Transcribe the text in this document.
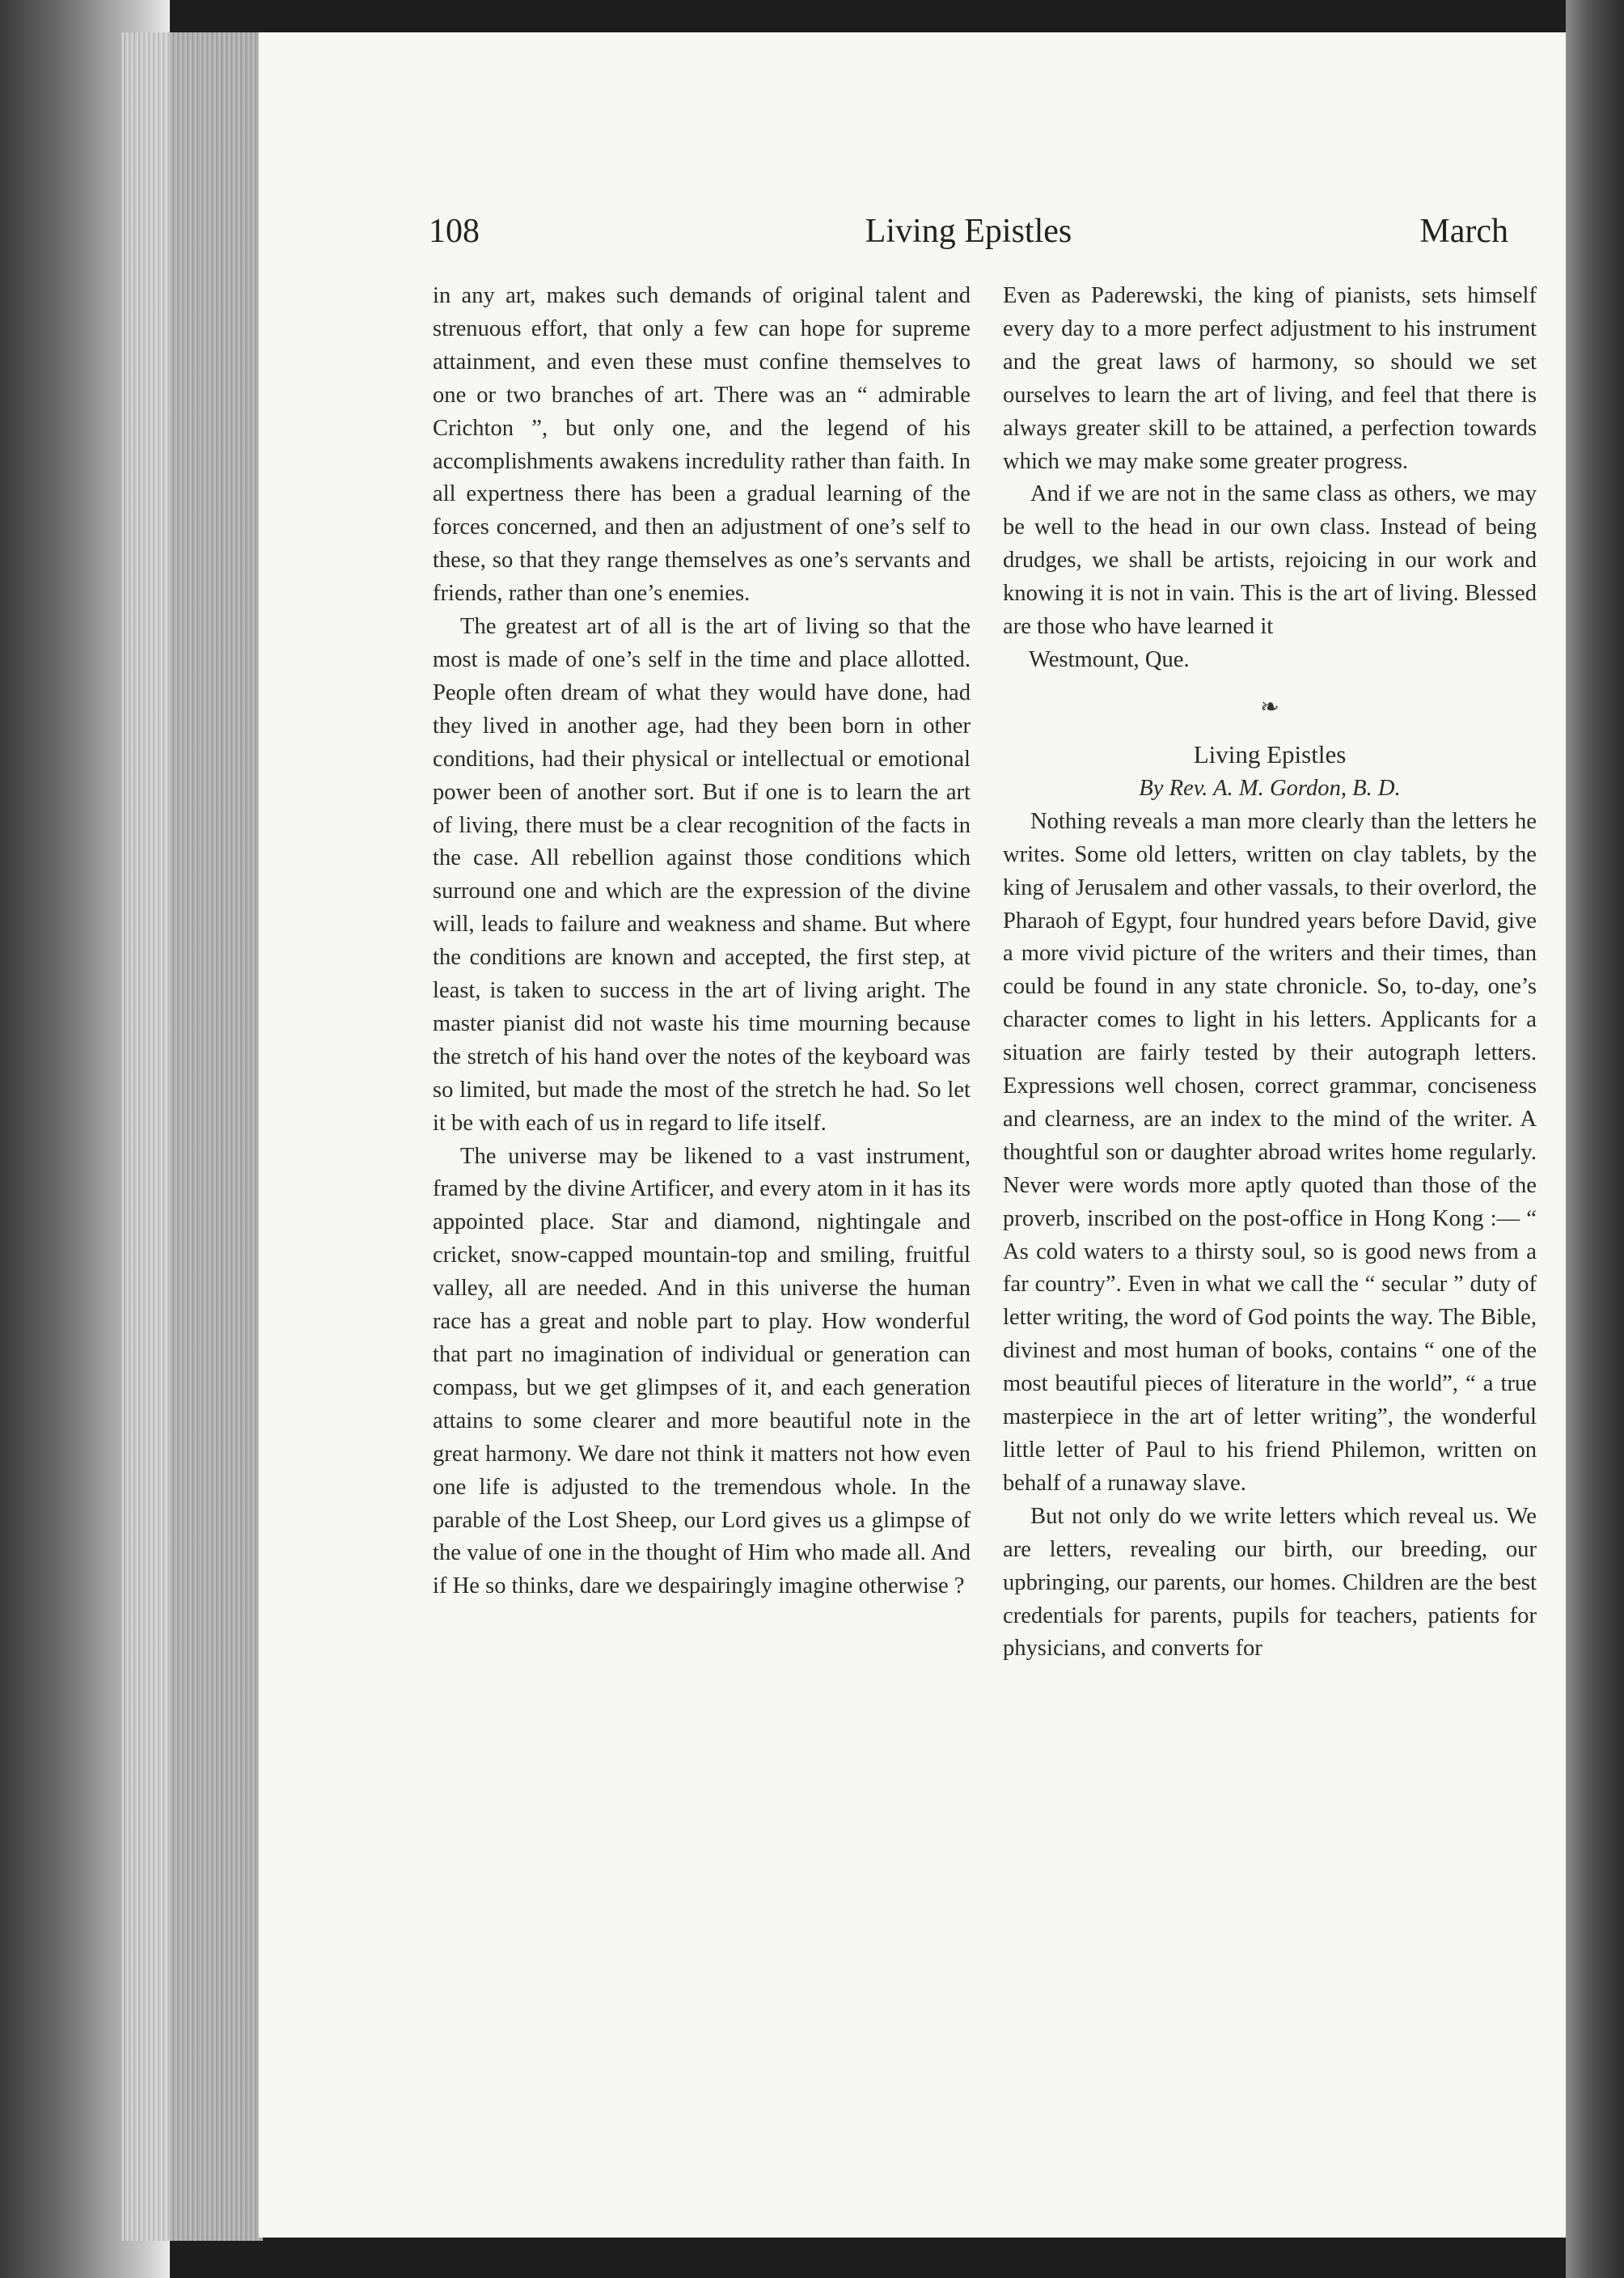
108	Living Epistles	March

in any art, makes such demands of original talent and strenuous effort, that only a few can hope for supreme attainment, and even these must confine themselves to one or two branches of art. There was an “ admirable Crichton ”, but only one, and the legend of his accomplishments awakens incredulity rather than faith. In all expertness there has been a gradual learning of the forces concerned, and then an adjustment of one’s self to these, so that they range themselves as one’s servants and friends, rather than one’s enemies.

The greatest art of all is the art of living so that the most is made of one’s self in the time and place allotted. People often dream of what they would have done, had they lived in another age, had they been born in other conditions, had their physical or intellectual or emotional power been of another sort. But if one is to learn the art of living, there must be a clear recognition of the facts in the case. All rebellion against those conditions which surround one and which are the expression of the divine will, leads to failure and weakness and shame. But where the conditions are known and accepted, the first step, at least, is taken to success in the art of living aright. The master pianist did not waste his time mourning because the stretch of his hand over the notes of the keyboard was so limited, but made the most of the stretch he had. So let it be with each of us in regard to life itself.

The universe may be likened to a vast instrument, framed by the divine Artificer, and every atom in it has its appointed place. Star and diamond, nightingale and cricket, snow-capped mountain-top and smiling, fruitful valley, all are needed. And in this universe the human race has a great and noble part to play. How wonderful that part no imagination of individual or generation can compass, but we get glimpses of it, and each generation attains to some clearer and more beautiful note in the great harmony. We dare not think it matters not how even one life is adjusted to the tremendous whole. In the parable of the Lost Sheep, our Lord gives us a glimpse of the value of one in the thought of Him who made all. And if He so thinks, dare we despairingly imagine otherwise ?

Even as Paderewski, the king of pianists, sets himself every day to a more perfect adjustment to his instrument and the great laws of harmony, so should we set ourselves to learn the art of living, and feel that there is always greater skill to be attained, a perfection towards which we may make some greater progress.

And if we are not in the same class as others, we may be well to the head in our own class. Instead of being drudges, we shall be artists, rejoicing in our work and knowing it is not in vain. This is the art of living. Blessed are those who have learned it

Westmount, Que.

❧

Living Epistles

By Rev. A. M. Gordon, B. D.

Nothing reveals a man more clearly than the letters he writes. Some old letters, written on clay tablets, by the king of Jerusalem and other vassals, to their overlord, the Pharaoh of Egypt, four hundred years before David, give a more vivid picture of the writers and their times, than could be found in any state chronicle. So, to-day, one’s character comes to light in his letters. Applicants for a situation are fairly tested by their autograph letters. Expressions well chosen, correct grammar, conciseness and clearness, are an index to the mind of the writer. A thoughtful son or daughter abroad writes home regularly. Never were words more aptly quoted than those of the proverb, inscribed on the post-office in Hong Kong :— “ As cold waters to a thirsty soul, so is good news from a far country”. Even in what we call the “ secular ” duty of letter writing, the word of God points the way. The Bible, divinest and most human of books, contains “ one of the most beautiful pieces of literature in the world”, “ a true masterpiece in the art of letter writing”, the wonderful little letter of Paul to his friend Philemon, written on behalf of a runaway slave.

But not only do we write letters which reveal us. We are letters, revealing our birth, our breeding, our upbringing, our parents, our homes. Children are the best credentials for parents, pupils for teachers, patients for physicians, and converts for
